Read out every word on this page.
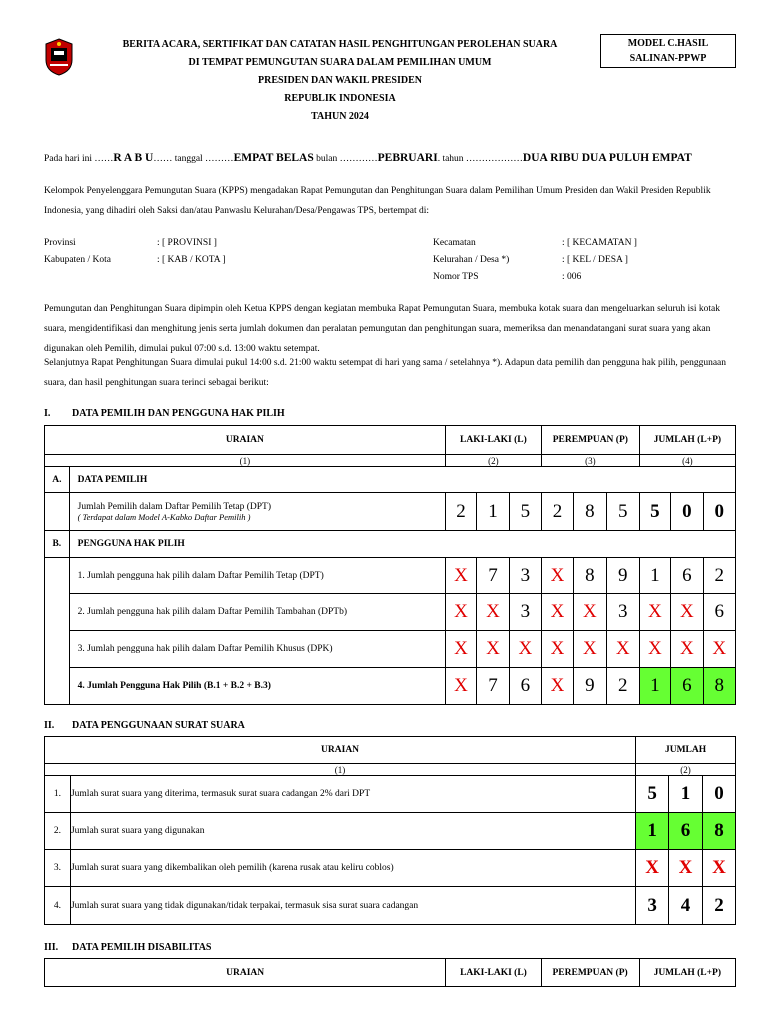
BERITA ACARA, SERTIFIKAT DAN CATATAN HASIL PENGHITUNGAN PEROLEHAN SUARA
DI TEMPAT PEMUNGUTAN SUARA DALAM PEMILIHAN UMUM
PRESIDEN DAN WAKIL PRESIDEN
REPUBLIK INDONESIA
TAHUN 2024
MODEL C.HASIL
SALINAN-PPWP
Pada hari ini ……R A B U…… tanggal ………EMPAT BELAS bulan …………PEBRUARI. tahun ………………DUA RIBU DUA PULUH EMPAT
Kelompok Penyelenggara Pemungutan Suara (KPPS) mengadakan Rapat Pemungutan dan Penghitungan Suara dalam Pemilihan Umum Presiden dan Wakil Presiden Republik Indonesia, yang dihadiri oleh Saksi dan/atau Panwaslu Kelurahan/Desa/Pengawas TPS, bertempat di:
Provinsi	: [ PROVINSI ]
Kabupaten / Kota	: [ KAB / KOTA ]
Kecamatan	: [ KECAMATAN ]
Kelurahan / Desa *)	: [ KEL / DESA ]
Nomor TPS	: 006
Pemungutan dan Penghitungan Suara dipimpin oleh Ketua KPPS dengan kegiatan membuka Rapat Pemungutan Suara, membuka kotak suara dan mengeluarkan seluruh isi kotak suara, mengidentifikasi dan menghitung jenis serta jumlah dokumen dan peralatan pemungutan dan penghitungan suara, memeriksa dan menandatangani surat suara yang akan digunakan oleh Pemilih, dimulai pukul 07:00 s.d. 13:00 waktu setempat.
Selanjutnya Rapat Penghitungan Suara dimulai pukul 14:00 s.d. 21:00 waktu setempat di hari yang sama / setelahnya *). Adapun data pemilih dan pengguna hak pilih, penggunaan suara, dan hasil penghitungan suara terinci sebagai berikut:
I. DATA PEMILIH DAN PENGGUNA HAK PILIH
URAIAN		LAKI-LAKI (L)			PEREMPUAN (P)			JUMLAH (L+P)		
(1)		(2)			(3)			(4)		
A.	DATA PEMILIH									

	Jumlah Pemilih dalam Daftar Pemilih Tetap (DPT)
( Terdapat dalam Model A-Kabko Daftar Pemilih )	2	1	5	2	8	5	5	0	0
B.	PENGGUNA HAK PILIH									
	1. Jumlah pengguna hak pilih dalam Daftar Pemilih Tetap (DPT)	X	7	3	X	8	9	1	6	2
	2. Jumlah pengguna hak pilih dalam Daftar Pemilih Tambahan (DPTb)	X	X	3	X	X	3	X	X	6
	3. Jumlah pengguna hak pilih dalam Daftar Pemilih Khusus (DPK)	X	X	X	X	X	X	X	X	X
	4. Jumlah Pengguna Hak Pilih (B.1 + B.2 + B.3)	X	7	6	X	9	2	1	6	8
II. DATA PENGGUNAAN SURAT SUARA
URAIAN		JUMLAH		
(1)		(2)		
1.	Jumlah surat suara yang diterima, termasuk surat suara cadangan 2% dari DPT	5	1	0
2.	Jumlah surat suara yang digunakan	1	6	8
3.	Jumlah surat suara yang dikembalikan oleh pemilih (karena rusak atau keliru coblos)	X	X	X
4.	Jumlah surat suara yang tidak digunakan/tidak terpakai, termasuk sisa surat suara cadangan	3	4	2
III. DATA PEMILIH DISABILITAS
URAIAN	LAKI-LAKI (L)	PEREMPUAN (P)	JUMLAH (L+P)
